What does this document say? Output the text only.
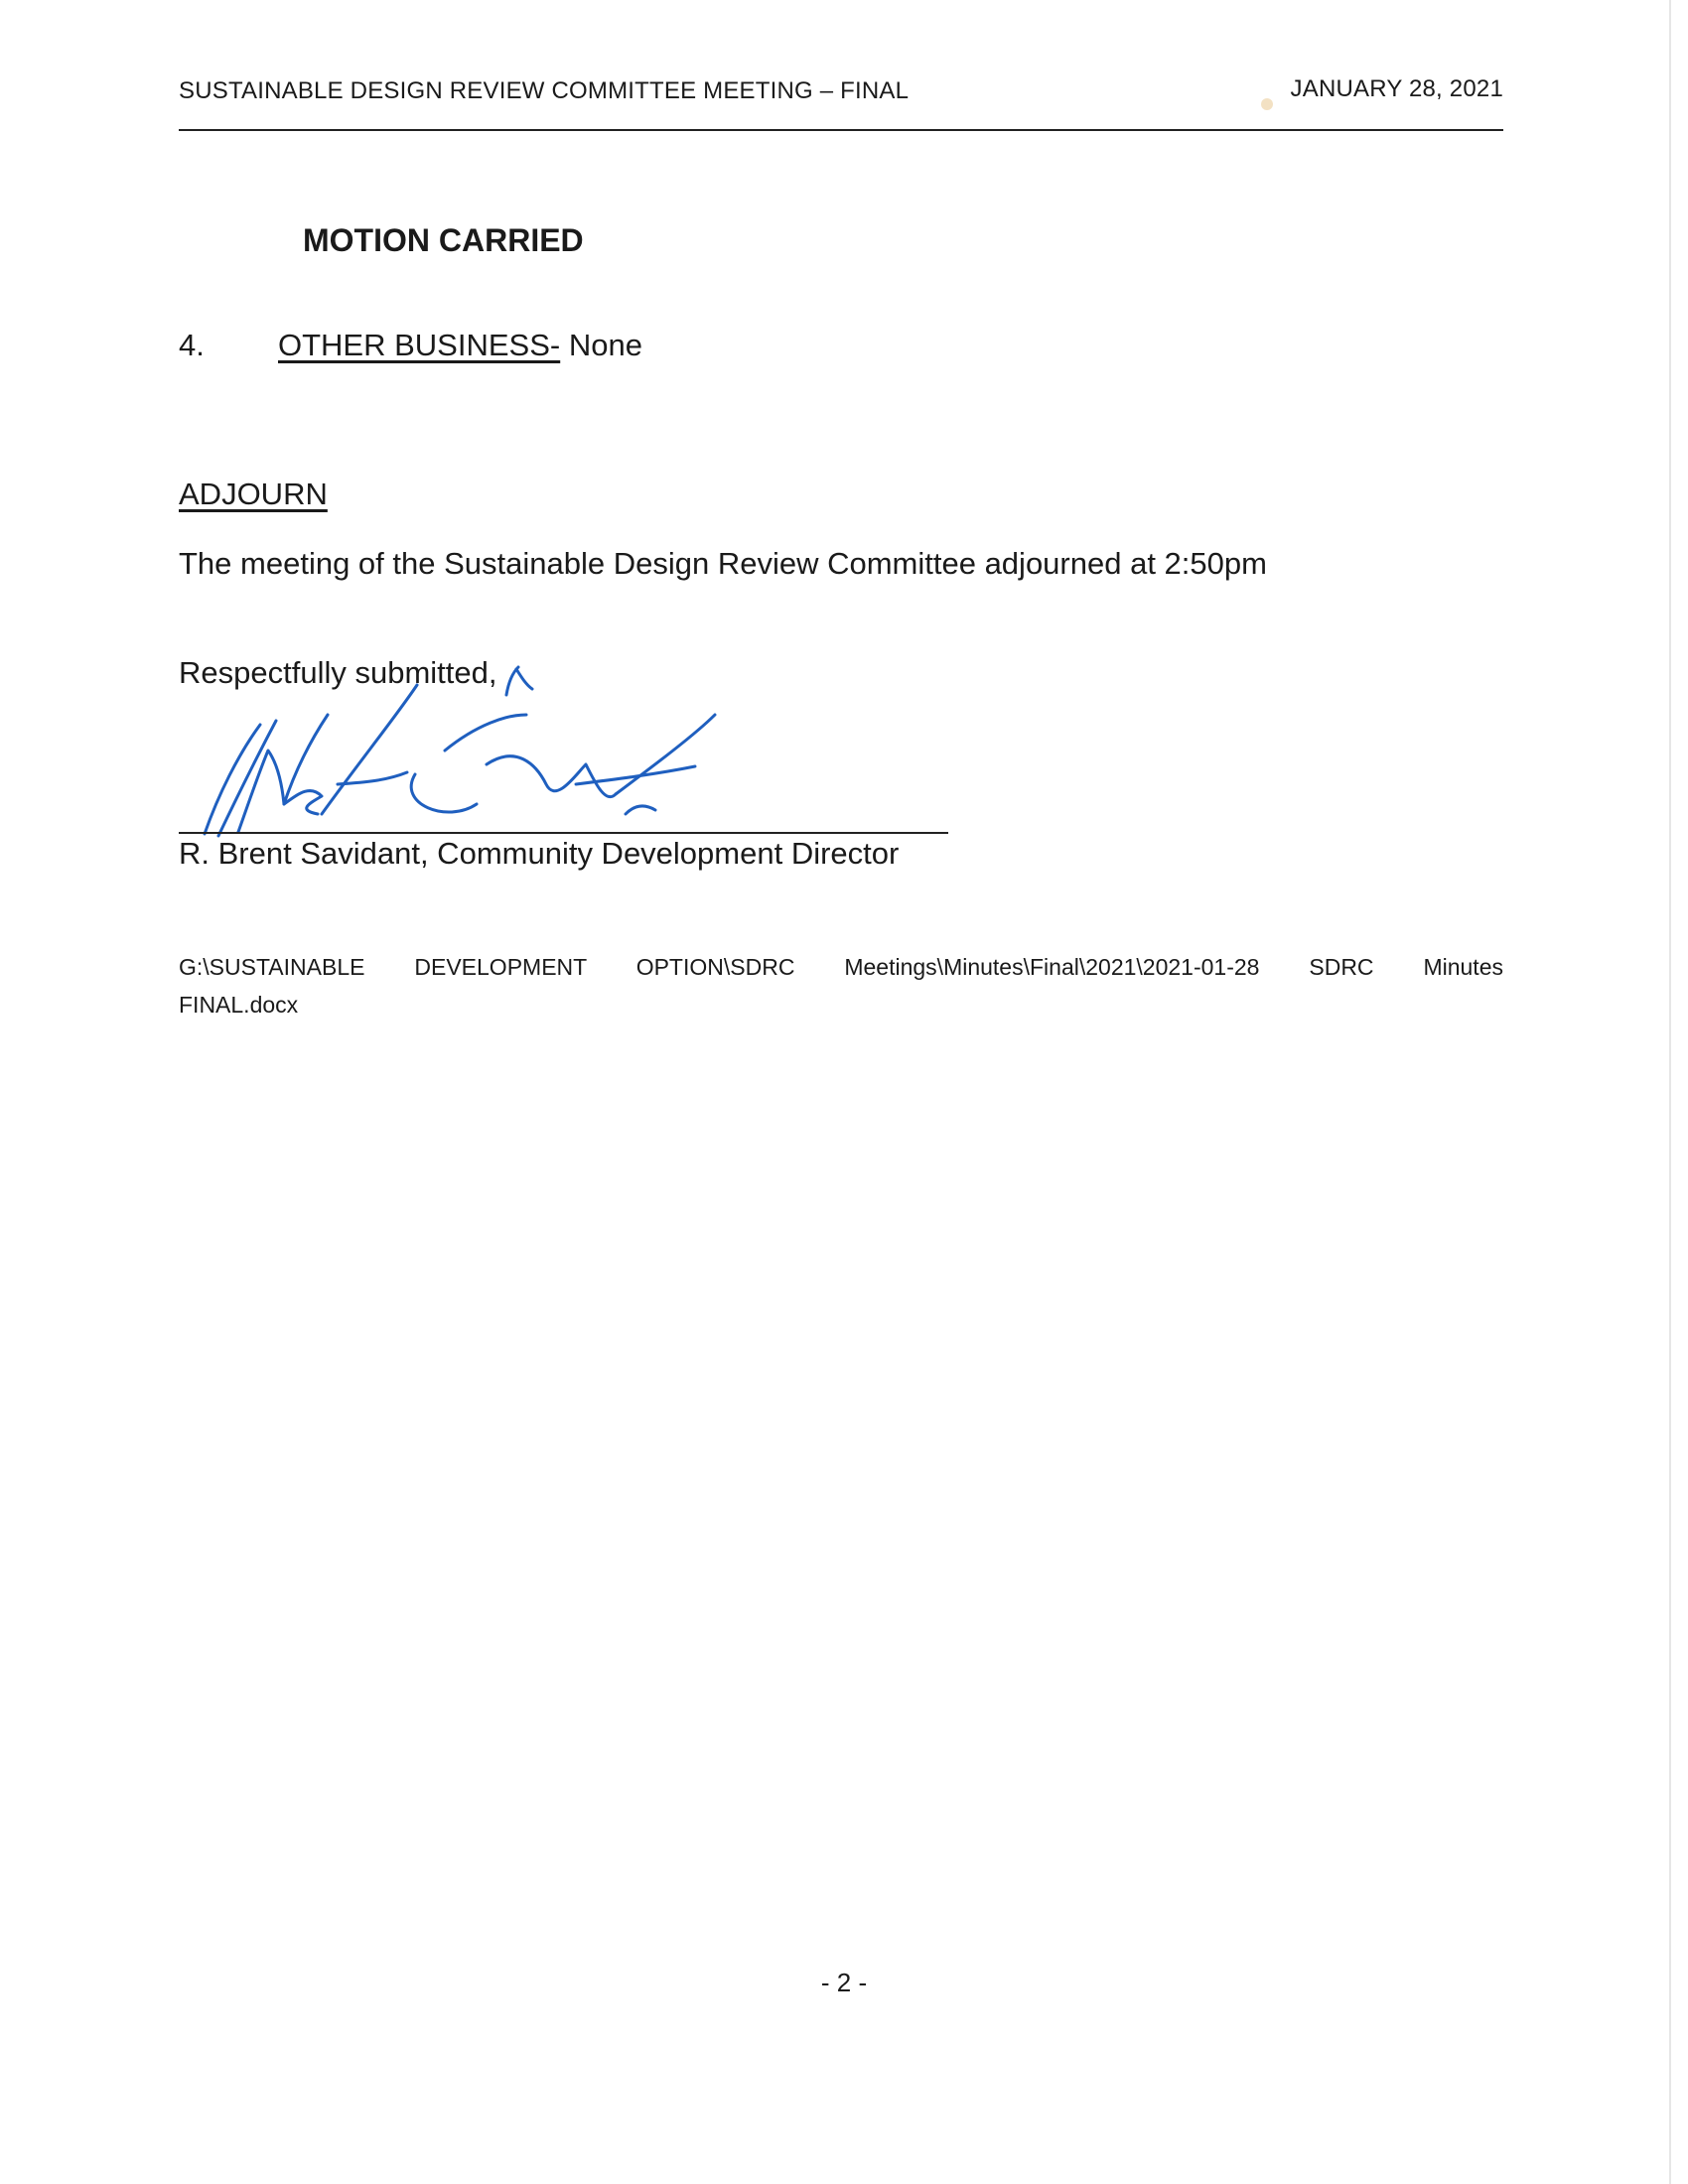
SUSTAINABLE DESIGN REVIEW COMMITTEE MEETING – FINAL	JANUARY 28, 2021
MOTION CARRIED
4. OTHER BUSINESS- None
ADJOURN
The meeting of the Sustainable Design Review Committee adjourned at 2:50pm
Respectfully submitted,
R. Brent Savidant, Community Development Director
G:\SUSTAINABLE DEVELOPMENT OPTION\SDRC Meetings\Minutes\Final\2021\2021-01-28 SDRC Minutes
FINAL.docx
- 2 -
